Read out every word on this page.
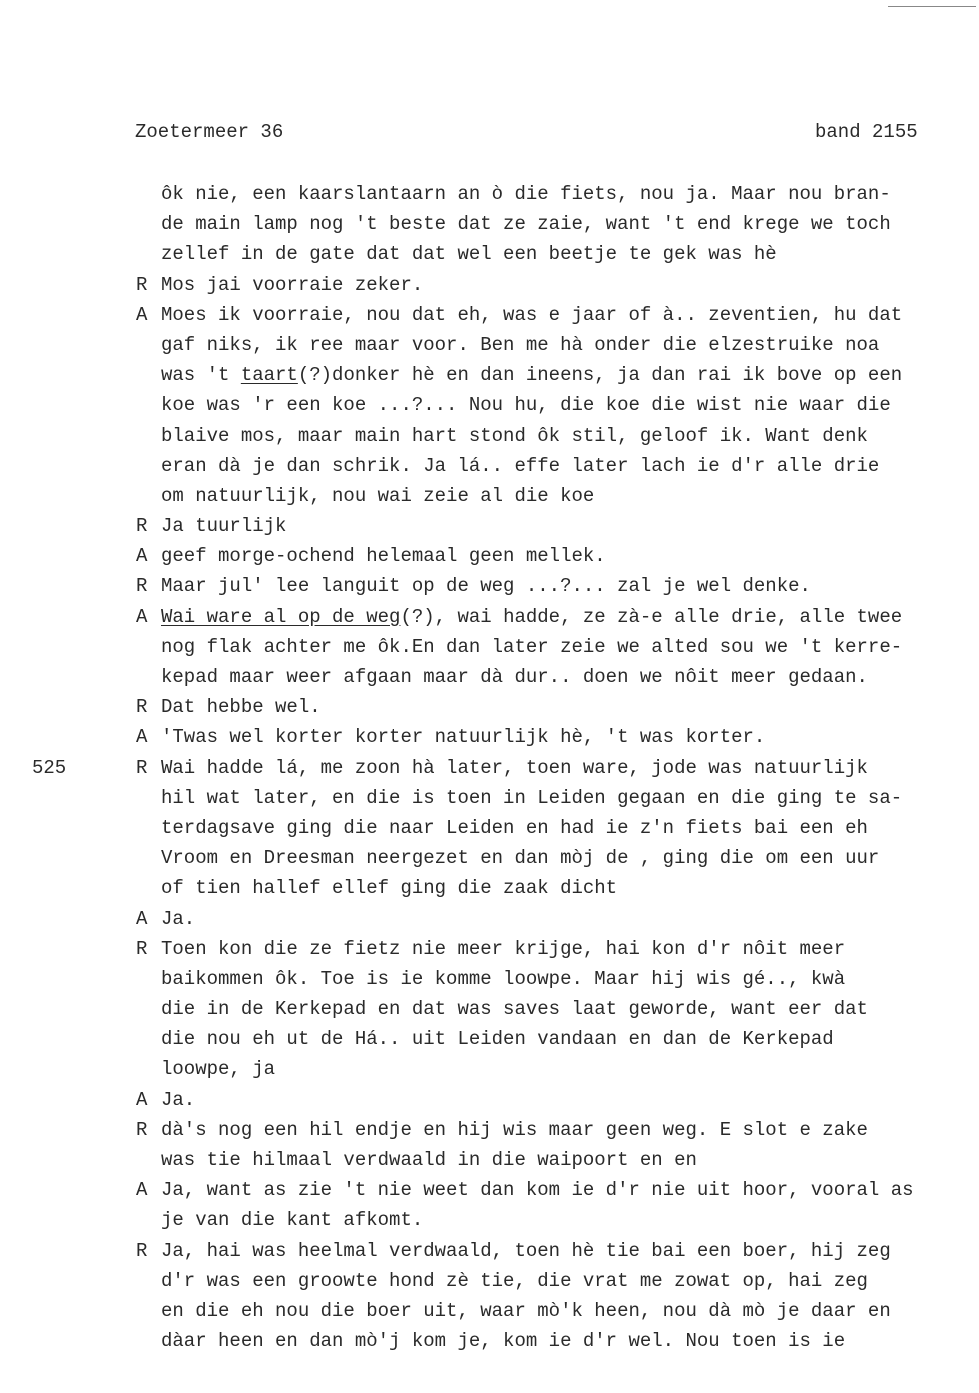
Zoetermeer 36	band 2155
ôk nie, een kaarslantaarn an ò die fiets, nou ja. Maar nou bran-
de main lamp nog 't beste dat ze zaie, want 't end krege we toch
zellef in de gate dat dat wel een beetje te gek was hè
R Mos jai voorraie zeker.
A Moes ik voorraie, nou dat eh, was e jaar of à.. zeventien, hu dat
gaf niks, ik ree maar voor. Ben me hà onder die elzestruike noa
was 't taart(?)donker hè en dan ineens, ja dan rai ik bove op een
koe was 'r een koe ...?... Nou hu, die koe die wist nie waar die
blaive mos, maar main hart stond ôk stil, geloof ik. Want denk
eran dà je dan schrik. Ja lá.. effe later lach ie d'r alle drie
om natuurlijk, nou wai zeie al die koe
R Ja tuurlijk
A geef morge-ochend helemaal geen mellek.
R Maar jul' lee languit op de weg ...?... zal je wel denke.
A Wai ware al op de weg(?), wai hadde, ze zà-e alle drie, alle twee
nog flak achter me ôk.En dan later zeie we alted sou we 't kerre-
kepad maar weer afgaan maar dà dur.. doen we nôit meer gedaan.
R Dat hebbe wel.
A 'Twas wel korter korter natuurlijk hè, 't was korter.
525	R Wai hadde lá, me zoon hà later, toen ware, jode was natuurlijk
hil wat later, en die is toen in Leiden gegaan en die ging te sa-
terdagsave ging die naar Leiden en had ie z'n fiets bai een eh
Vroom en Dreesman neergezet en dan mòj de , ging die om een uur
of tien hallef ellef ging die zaak dicht
A Ja.
R Toen kon die ze fietz nie meer krijge, hai kon d'r nôit meer
baikommen ôk. Toe is ie komme loowpe. Maar hij wis gé.., kwà
die in de Kerkepad en dat was saves laat geworde, want eer dat
die nou eh ut de Há.. uit Leiden vandaan en dan de Kerkepad
loowpe, ja
A Ja.
R dà's nog een hil endje en hij wis maar geen weg. E slot e zake
was tie hilmaal verdwaald in die waipoort en en
A Ja, want as zie 't nie weet dan kom ie d'r nie uit hoor, vooral as
je van die kant afkomt.
R Ja, hai was heelmal verdwaald, toen hè tie bai een boer, hij zeg
d'r was een groowte hond zè tie, die vrat me zowat op, hai zeg
en die eh nou die boer uit, waar mò'k heen, nou dà mò je daar en
dàar heen en dan mò'j kom je, kom ie d'r wel. Nou toen is ie
